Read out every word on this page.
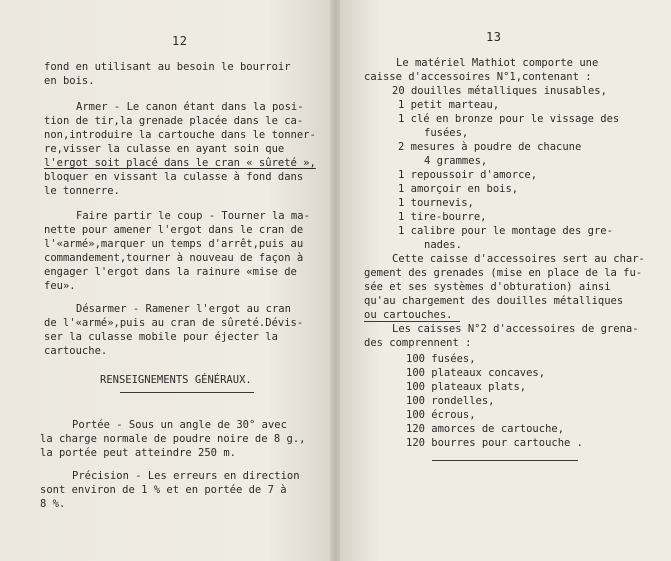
12
fond en utilisant au besoin le bourroir
en bois.
Armer - Le canon étant dans la posi-
tion de tir,la grenade placée dans le ca-
non,introduire la cartouche dans le tonner-
re,visser la culasse en ayant soin que
l'ergot soit placé dans le cran « sûreté »,
bloquer en vissant la culasse à fond dans
le tonnerre.
Faire partir le coup - Tourner la ma-
nette pour amener l'ergot dans le cran de
l'«armé»,marquer un temps d'arrêt,puis au
commandement,tourner à nouveau de façon à
engager l'ergot dans la rainure «mise de
feu».
Désarmer - Ramener l'ergot au cran
de l'«armé»,puis au cran de sûreté.Dévis-
ser la culasse mobile pour éjecter la
cartouche.
RENSEIGNEMENTS GÉNÉRAUX.
Portée - Sous un angle de 30° avec
la charge normale de poudre noire de 8 g.,
la portée peut atteindre 250 m.
Précision - Les erreurs en direction
sont environ de 1 % et en portée de 7 à
8 %.
13
Le matériel Mathiot comporte une
caisse d'accessoires N°1,contenant :
20 douilles métalliques inusables,
1 petit marteau,
1 clé en bronze pour le vissage des
fusées,
2 mesures à poudre de chacune
4 grammes,
1 repoussoir d'amorce,
1 amorçoir en bois,
1 tournevis,
1 tire-bourre,
1 calibre pour le montage des gre-
nades.
Cette caisse d'accessoires sert au char-
gement des grenades (mise en place de la fu-
sée et ses systèmes d'obturation) ainsi
qu'au chargement des douilles métalliques
ou cartouches.
Les caisses N°2 d'accessoires de grena-
des comprennent :
100 fusées,
100 plateaux concaves,
100 plateaux plats,
100 rondelles,
100 écrous,
120 amorces de cartouche,
120 bourres pour cartouche .
